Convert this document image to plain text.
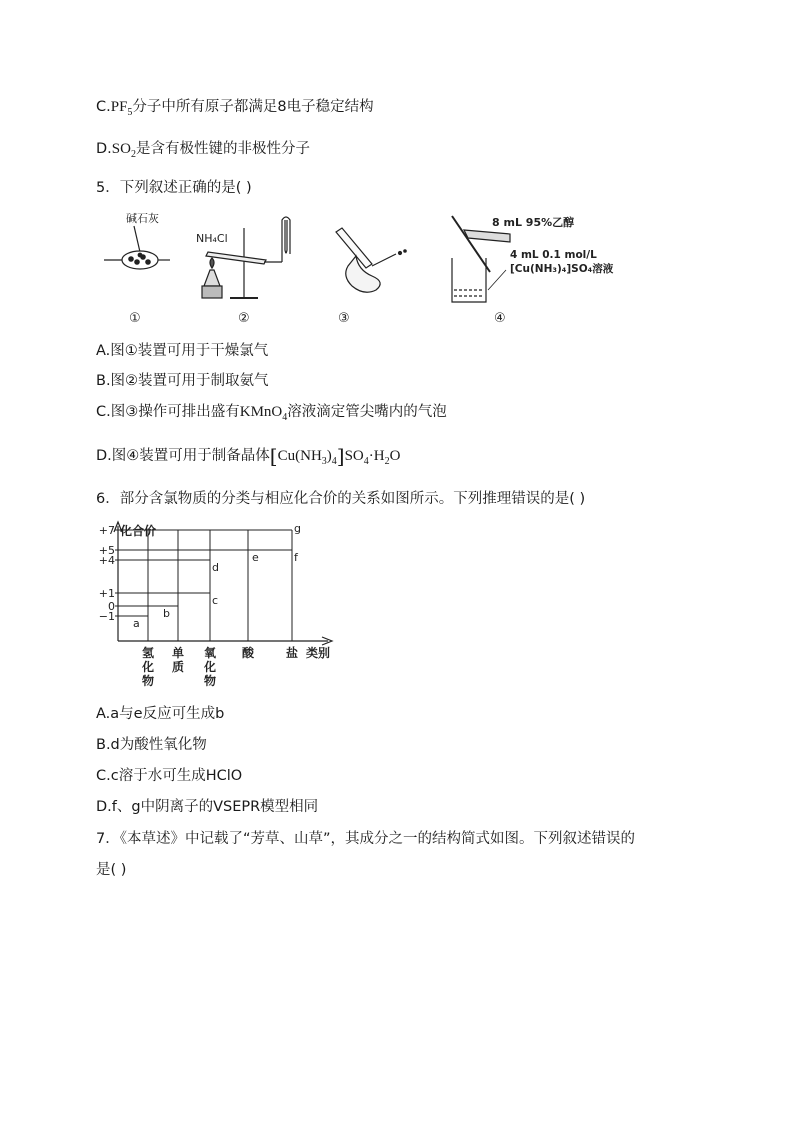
$C.PF_5$分子中所有原子都满足8电子稳定结构
$D.SO_2$是含有极性键的非极性分子
5．下列叙述正确的是( )
碱石灰
①
NH₄Cl
②	③
8 mL 95%乙醇
4 mL 0.1 mol/L
[Cu(NH₃)₄]SO₄溶液
④
A.图①装置可用于干燥氯气
B.图②装置可用于制取氨气
C.图③操作可排出盛有KMnO$_4$溶液滴定管尖嘴内的气泡
D.图④装置可用于制备晶体$[Cu(NH_3)_4]SO_4\cdot H_2O$
6．部分含氯物质的分类与相应化合价的关系如图所示。下列推理错误的是( )
化合价
类别
+7
+5
+4
+1
0
−1
氢
化
物
单
质
氧
化
物
酸	盐
a
b
c
d
e	f
g
A.a与e反应可生成b
B.d为酸性氧化物
C.c溶于水可生成HClO
D.f、g中阴离子的VSEPR模型相同
7．《本草述》中记载了“芳草、山草”，其成分之一的结构简式如图。下列叙述错误的
是( )
